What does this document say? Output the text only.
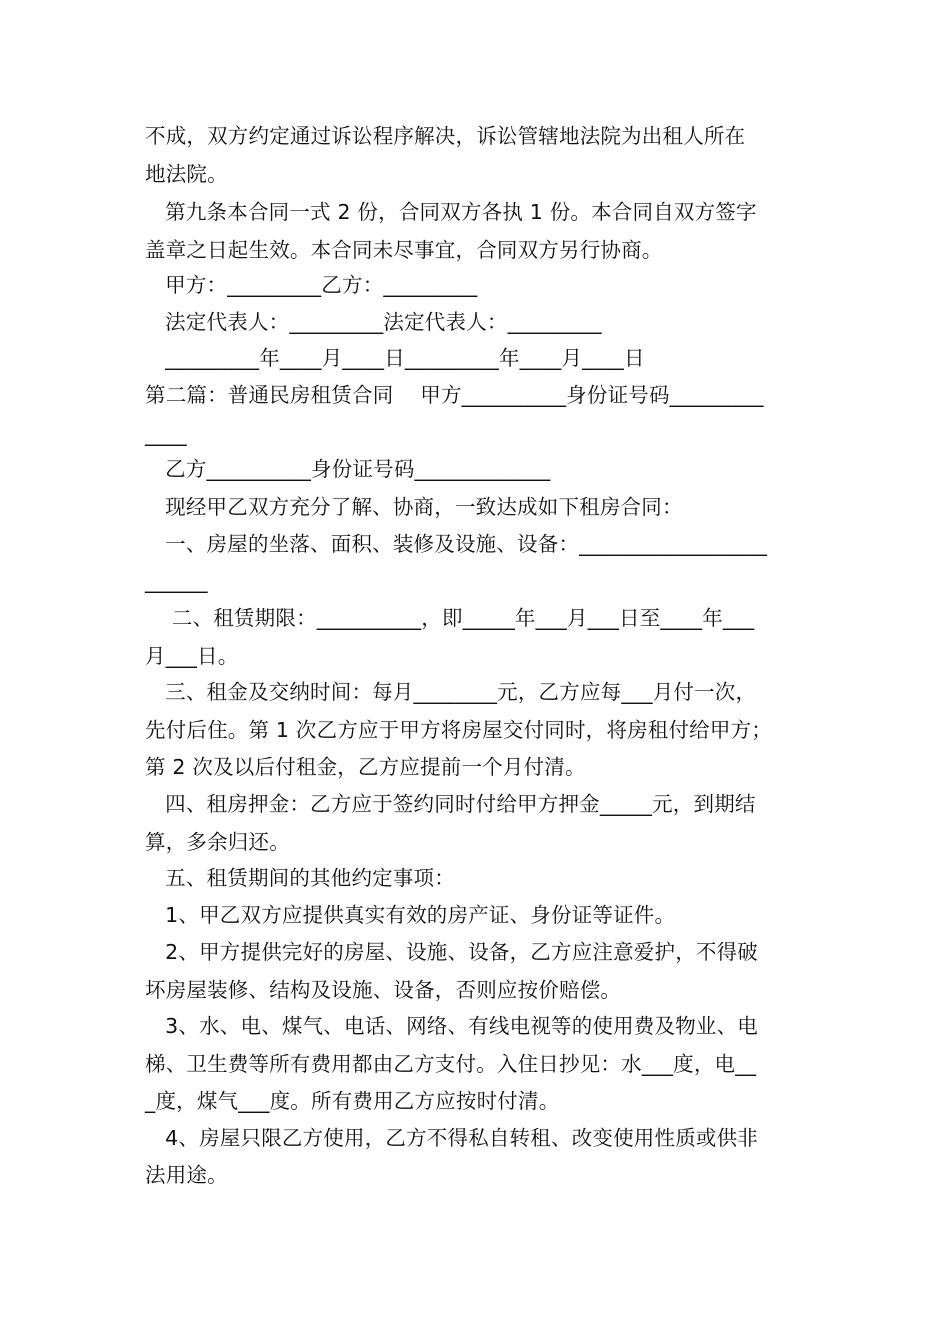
不成，双方约定通过诉讼程序解决，诉讼管辖地法院为出租人所在
地法院。
第九条本合同一式 2 份，合同双方各执 1 份。本合同自双方签字
盖章之日起生效。本合同未尽事宜，合同双方另行协商。
甲方：_________乙方：_________
法定代表人：_________法定代表人：_________
_________年____月____日_________年____月____日
第二篇：普通民房租赁合同    甲方__________身份证号码_________
____
乙方__________身份证号码_____________
现经甲乙双方充分了解、协商，一致达成如下租房合同：
一、房屋的坐落、面积、装修及设施、设备：__________________
______
二、租赁期限：__________，即_____年___月___日至____年___
月___日。
三、租金及交纳时间：每月________元，乙方应每___月付一次，
先付后住。第 1 次乙方应于甲方将房屋交付同时，将房租付给甲方；
第 2 次及以后付租金，乙方应提前一个月付清。
四、租房押金：乙方应于签约同时付给甲方押金_____元，到期结
算，多余归还。
五、租赁期间的其他约定事项：
1、甲乙双方应提供真实有效的房产证、身份证等证件。
2、甲方提供完好的房屋、设施、设备，乙方应注意爱护，不得破
坏房屋装修、结构及设施、设备，否则应按价赔偿。
3、水、电、煤气、电话、网络、有线电视等的使用费及物业、电
梯、卫生费等所有费用都由乙方支付。入住日抄见：水___度，电__
_度，煤气___度。所有费用乙方应按时付清。
4、房屋只限乙方使用，乙方不得私自转租、改变使用性质或供非
法用途。
